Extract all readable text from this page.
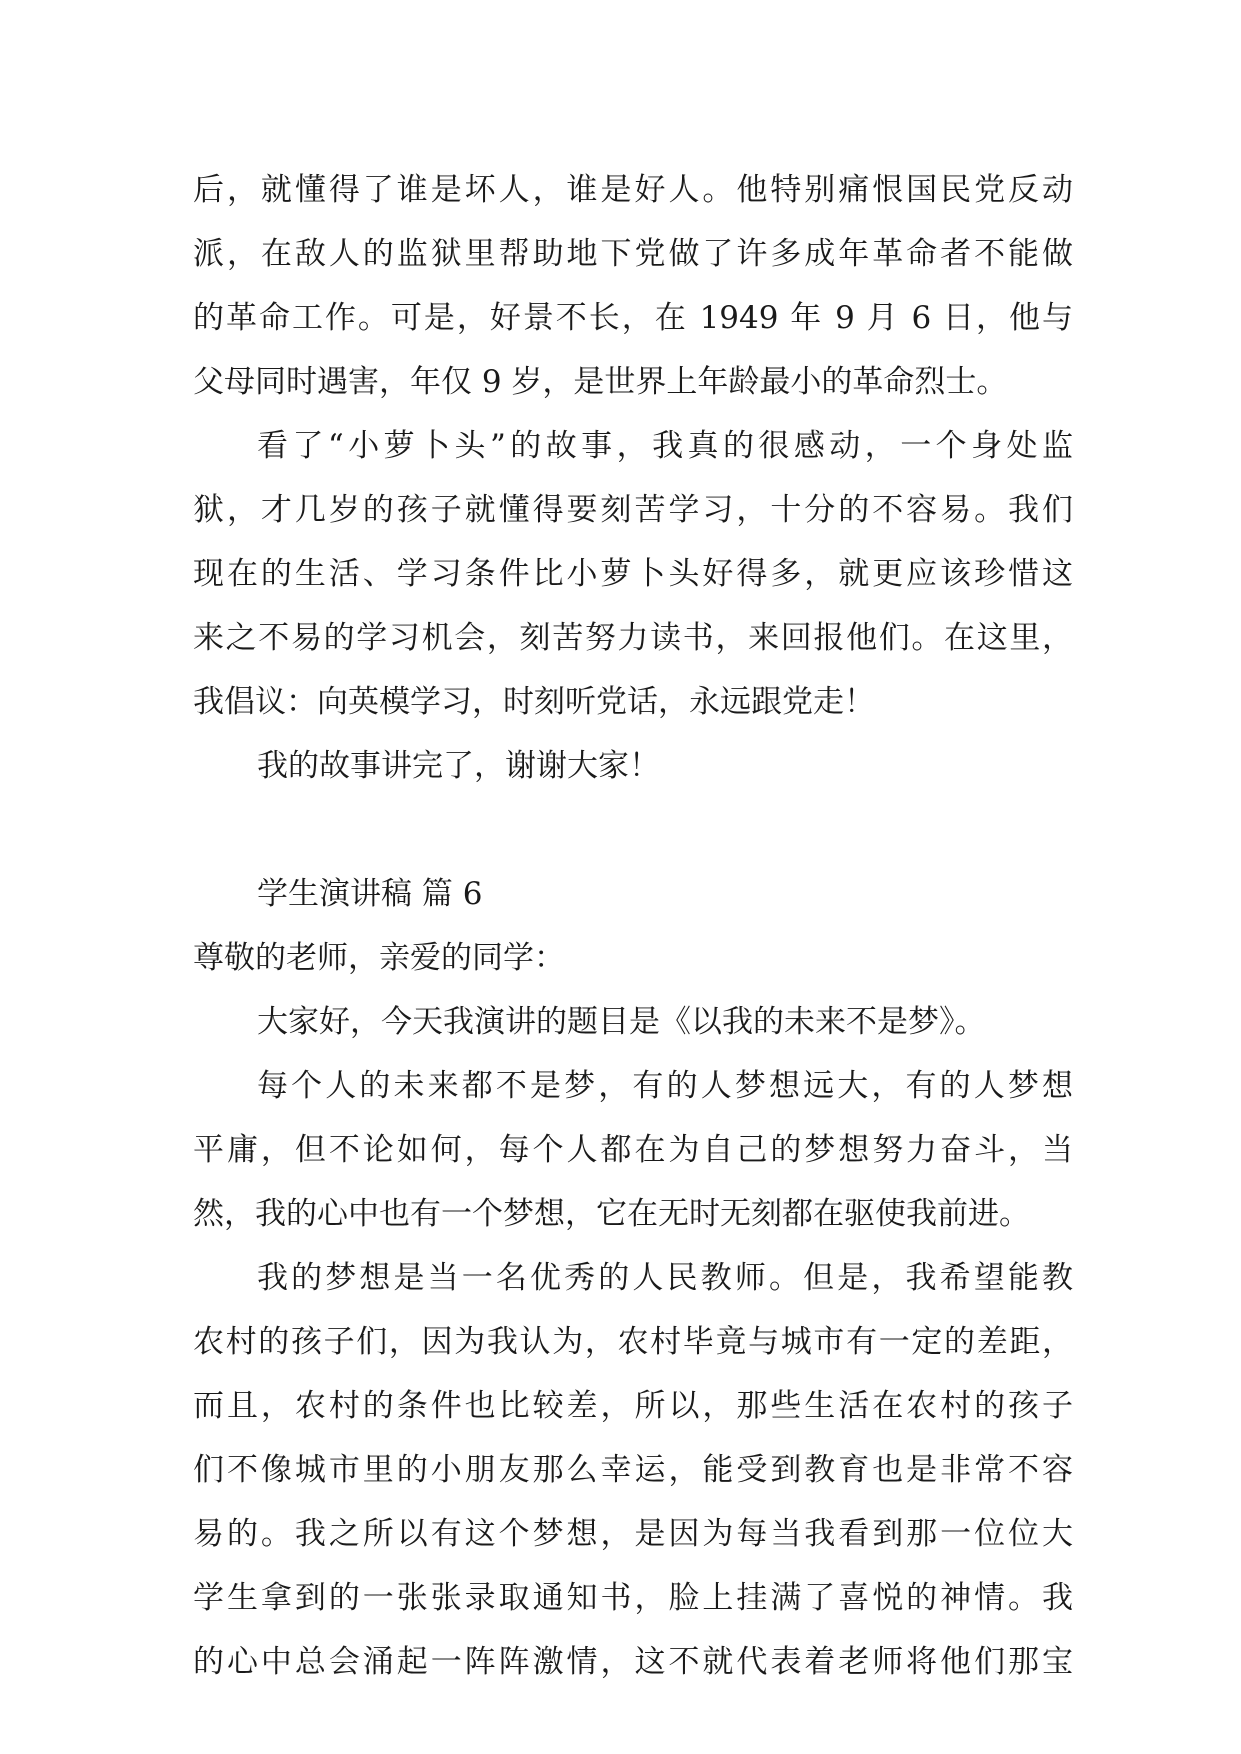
后，就懂得了谁是坏人，谁是好人。他特别痛恨国民党反动
派，在敌人的监狱里帮助地下党做了许多成年革命者不能做
的革命工作。可是，好景不长，在 1949 年 9 月 6 日，他与
父母同时遇害，年仅 9 岁，是世界上年龄最小的革命烈士。
看了“小萝卜头”的故事，我真的很感动，一个身处监
狱，才几岁的孩子就懂得要刻苦学习，十分的不容易。我们
现在的生活、学习条件比小萝卜头好得多，就更应该珍惜这
来之不易的学习机会，刻苦努力读书，来回报他们。在这里，
我倡议：向英模学习，时刻听党话，永远跟党走！
我的故事讲完了，谢谢大家！
学生演讲稿 篇 6
尊敬的老师，亲爱的同学：
大家好，今天我演讲的题目是《以我的未来不是梦》。
每个人的未来都不是梦，有的人梦想远大，有的人梦想
平庸，但不论如何，每个人都在为自己的梦想努力奋斗，当
然，我的心中也有一个梦想，它在无时无刻都在驱使我前进。
我的梦想是当一名优秀的人民教师。但是，我希望能教
农村的孩子们，因为我认为，农村毕竟与城市有一定的差距，
而且，农村的条件也比较差，所以，那些生活在农村的孩子
们不像城市里的小朋友那么幸运，能受到教育也是非常不容
易的。我之所以有这个梦想，是因为每当我看到那一位位大
学生拿到的一张张录取通知书，脸上挂满了喜悦的神情。我
的心中总会涌起一阵阵激情，这不就代表着老师将他们那宝
